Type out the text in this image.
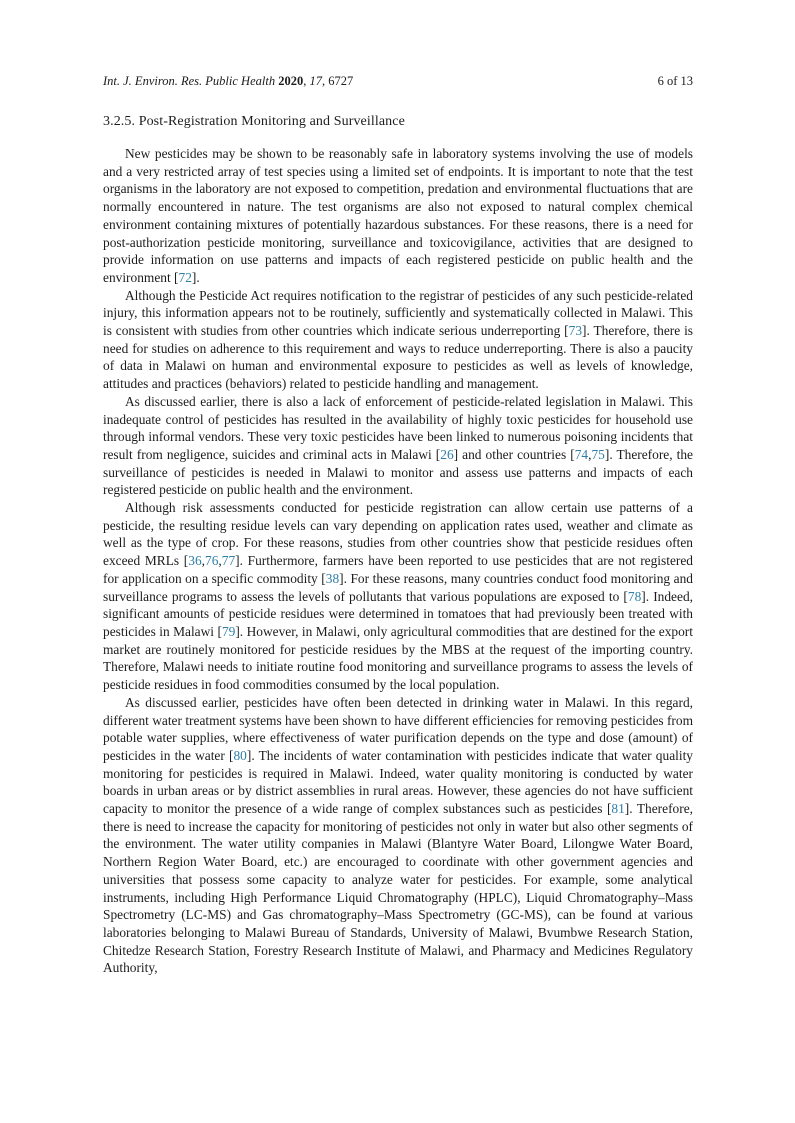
Int. J. Environ. Res. Public Health 2020, 17, 6727	6 of 13
3.2.5. Post-Registration Monitoring and Surveillance

New pesticides may be shown to be reasonably safe in laboratory systems involving the use of models and a very restricted array of test species using a limited set of endpoints. It is important to note that the test organisms in the laboratory are not exposed to competition, predation and environmental fluctuations that are normally encountered in nature. The test organisms are also not exposed to natural complex chemical environment containing mixtures of potentially hazardous substances. For these reasons, there is a need for post-authorization pesticide monitoring, surveillance and toxicovigilance, activities that are designed to provide information on use patterns and impacts of each registered pesticide on public health and the environment [72].

Although the Pesticide Act requires notification to the registrar of pesticides of any such pesticide-related injury, this information appears not to be routinely, sufficiently and systematically collected in Malawi. This is consistent with studies from other countries which indicate serious underreporting [73]. Therefore, there is need for studies on adherence to this requirement and ways to reduce underreporting. There is also a paucity of data in Malawi on human and environmental exposure to pesticides as well as levels of knowledge, attitudes and practices (behaviors) related to pesticide handling and management.

As discussed earlier, there is also a lack of enforcement of pesticide-related legislation in Malawi. This inadequate control of pesticides has resulted in the availability of highly toxic pesticides for household use through informal vendors. These very toxic pesticides have been linked to numerous poisoning incidents that result from negligence, suicides and criminal acts in Malawi [26] and other countries [74,75]. Therefore, the surveillance of pesticides is needed in Malawi to monitor and assess use patterns and impacts of each registered pesticide on public health and the environment.

Although risk assessments conducted for pesticide registration can allow certain use patterns of a pesticide, the resulting residue levels can vary depending on application rates used, weather and climate as well as the type of crop. For these reasons, studies from other countries show that pesticide residues often exceed MRLs [36,76,77]. Furthermore, farmers have been reported to use pesticides that are not registered for application on a specific commodity [38]. For these reasons, many countries conduct food monitoring and surveillance programs to assess the levels of pollutants that various populations are exposed to [78]. Indeed, significant amounts of pesticide residues were determined in tomatoes that had previously been treated with pesticides in Malawi [79]. However, in Malawi, only agricultural commodities that are destined for the export market are routinely monitored for pesticide residues by the MBS at the request of the importing country. Therefore, Malawi needs to initiate routine food monitoring and surveillance programs to assess the levels of pesticide residues in food commodities consumed by the local population.

As discussed earlier, pesticides have often been detected in drinking water in Malawi. In this regard, different water treatment systems have been shown to have different efficiencies for removing pesticides from potable water supplies, where effectiveness of water purification depends on the type and dose (amount) of pesticides in the water [80]. The incidents of water contamination with pesticides indicate that water quality monitoring for pesticides is required in Malawi. Indeed, water quality monitoring is conducted by water boards in urban areas or by district assemblies in rural areas. However, these agencies do not have sufficient capacity to monitor the presence of a wide range of complex substances such as pesticides [81]. Therefore, there is need to increase the capacity for monitoring of pesticides not only in water but also other segments of the environment. The water utility companies in Malawi (Blantyre Water Board, Lilongwe Water Board, Northern Region Water Board, etc.) are encouraged to coordinate with other government agencies and universities that possess some capacity to analyze water for pesticides. For example, some analytical instruments, including High Performance Liquid Chromatography (HPLC), Liquid Chromatography–Mass Spectrometry (LC-MS) and Gas chromatography–Mass Spectrometry (GC-MS), can be found at various laboratories belonging to Malawi Bureau of Standards, University of Malawi, Bvumbwe Research Station, Chitedze Research Station, Forestry Research Institute of Malawi, and Pharmacy and Medicines Regulatory Authority,
